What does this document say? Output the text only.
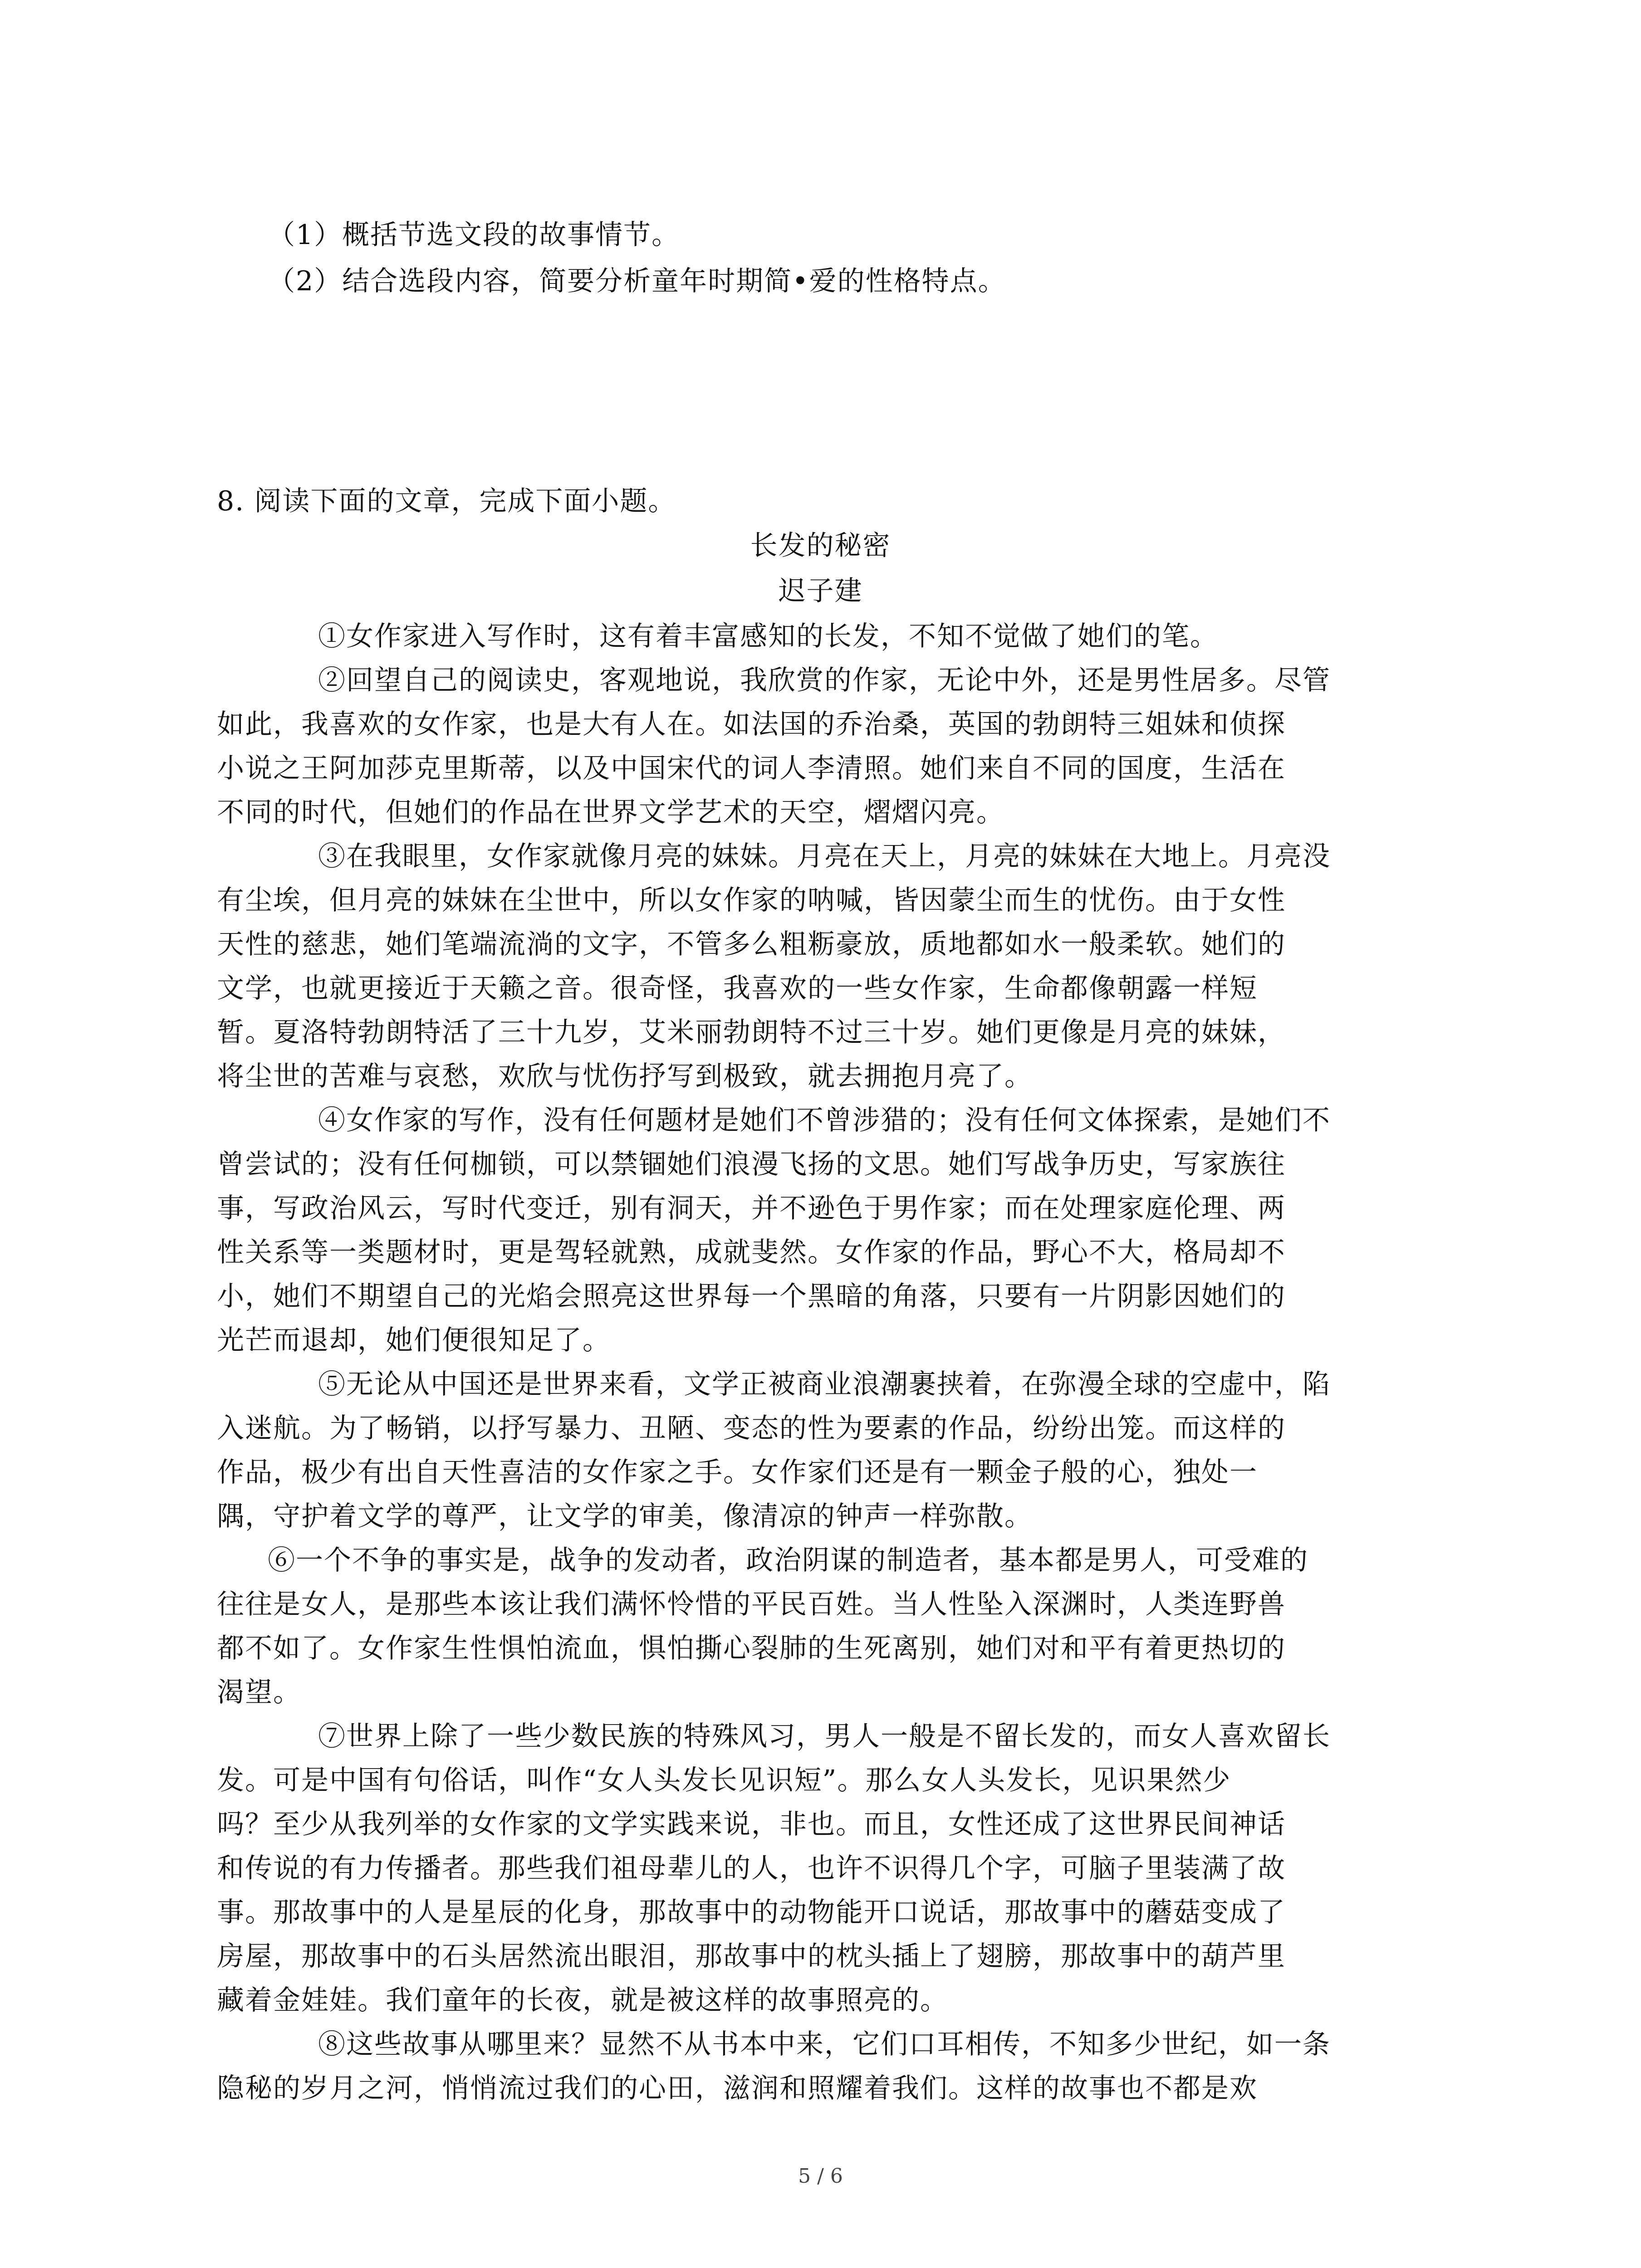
（1）概括节选文段的故事情节。
（2）结合选段内容，简要分析童年时期简•爱的性格特点。
8. 阅读下面的文章，完成下面小题。
长发的秘密
迟子建
①女作家进入写作时，这有着丰富感知的长发，不知不觉做了她们的笔。
②回望自己的阅读史，客观地说，我欣赏的作家，无论中外，还是男性居多。尽管
如此，我喜欢的女作家，也是大有人在。如法国的乔治桑，英国的勃朗特三姐妹和侦探
小说之王阿加莎克里斯蒂，以及中国宋代的词人李清照。她们来自不同的国度，生活在
不同的时代，但她们的作品在世界文学艺术的天空，熠熠闪亮。
③在我眼里，女作家就像月亮的妹妹。月亮在天上，月亮的妹妹在大地上。月亮没
有尘埃，但月亮的妹妹在尘世中，所以女作家的呐喊，皆因蒙尘而生的忧伤。由于女性
天性的慈悲，她们笔端流淌的文字，不管多么粗粝豪放，质地都如水一般柔软。她们的
文学，也就更接近于天籁之音。很奇怪，我喜欢的一些女作家，生命都像朝露一样短
暂。夏洛特勃朗特活了三十九岁，艾米丽勃朗特不过三十岁。她们更像是月亮的妹妹，
将尘世的苦难与哀愁，欢欣与忧伤抒写到极致，就去拥抱月亮了。
④女作家的写作，没有任何题材是她们不曾涉猎的；没有任何文体探索，是她们不
曾尝试的；没有任何枷锁，可以禁锢她们浪漫飞扬的文思。她们写战争历史，写家族往
事，写政治风云，写时代变迁，别有洞天，并不逊色于男作家；而在处理家庭伦理、两
性关系等一类题材时，更是驾轻就熟，成就斐然。女作家的作品，野心不大，格局却不
小，她们不期望自己的光焰会照亮这世界每一个黑暗的角落，只要有一片阴影因她们的
光芒而退却，她们便很知足了。
⑤无论从中国还是世界来看，文学正被商业浪潮裹挟着，在弥漫全球的空虚中，陷
入迷航。为了畅销，以抒写暴力、丑陋、变态的性为要素的作品，纷纷出笼。而这样的
作品，极少有出自天性喜洁的女作家之手。女作家们还是有一颗金子般的心，独处一
隅，守护着文学的尊严，让文学的审美，像清凉的钟声一样弥散。
⑥一个不争的事实是，战争的发动者，政治阴谋的制造者，基本都是男人，可受难的
往往是女人，是那些本该让我们满怀怜惜的平民百姓。当人性坠入深渊时，人类连野兽
都不如了。女作家生性惧怕流血，惧怕撕心裂肺的生死离别，她们对和平有着更热切的
渴望。
⑦世界上除了一些少数民族的特殊风习，男人一般是不留长发的，而女人喜欢留长
发。可是中国有句俗话，叫作“女人头发长见识短”。那么女人头发长，见识果然少
吗？至少从我列举的女作家的文学实践来说，非也。而且，女性还成了这世界民间神话
和传说的有力传播者。那些我们祖母辈儿的人，也许不识得几个字，可脑子里装满了故
事。那故事中的人是星辰的化身，那故事中的动物能开口说话，那故事中的蘑菇变成了
房屋，那故事中的石头居然流出眼泪，那故事中的枕头插上了翅膀，那故事中的葫芦里
藏着金娃娃。我们童年的长夜，就是被这样的故事照亮的。
⑧这些故事从哪里来？显然不从书本中来，它们口耳相传，不知多少世纪，如一条
隐秘的岁月之河，悄悄流过我们的心田，滋润和照耀着我们。这样的故事也不都是欢
5 / 6
